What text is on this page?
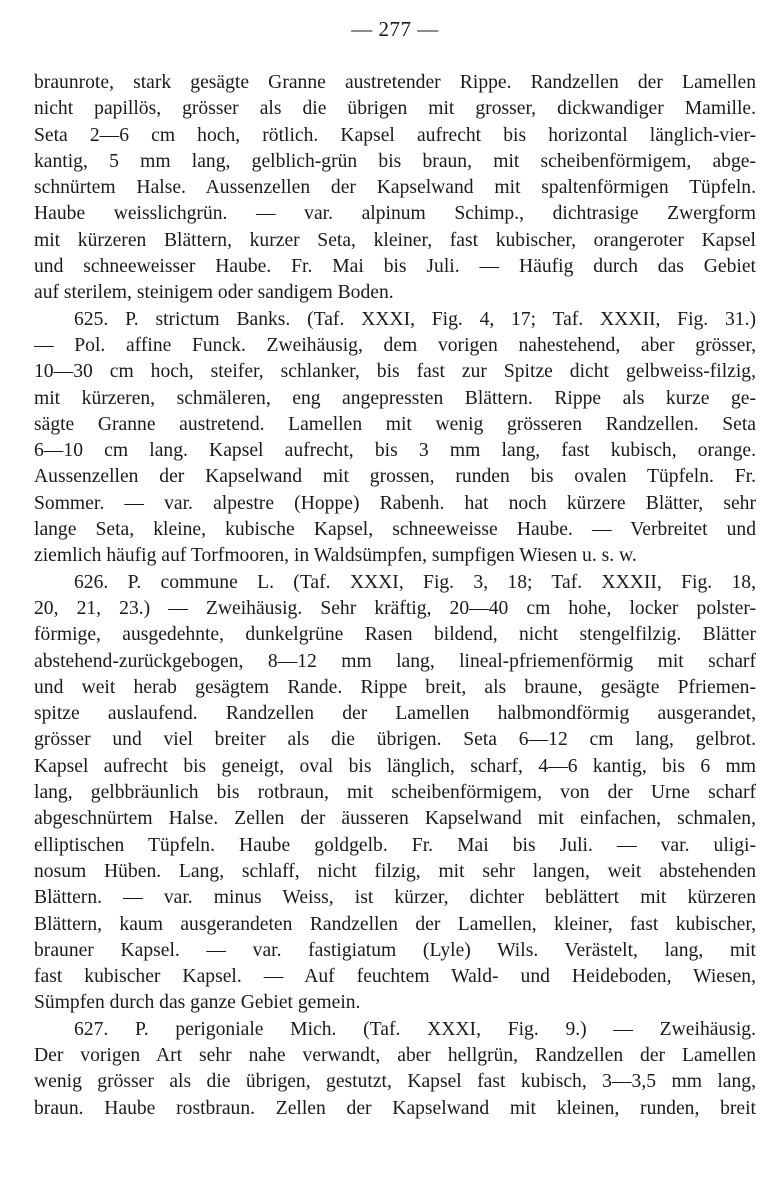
— 277 —
braunrote, stark gesägte Granne austretender Rippe. Randzellen der Lamellen
nicht papillös, grösser als die übrigen mit grosser, dickwandiger Mamille.
Seta 2—6 cm hoch, rötlich. Kapsel aufrecht bis horizontal länglich-vier-
kantig, 5 mm lang, gelblich-grün bis braun, mit scheibenförmigem, abge-
schnürtem Halse. Aussenzellen der Kapselwand mit spaltenförmigen Tüpfeln.
Haube weisslichgrün. — var. alpinum Schimp., dichtrasige Zwergform
mit kürzeren Blättern, kurzer Seta, kleiner, fast kubischer, orangeroter Kapsel
und schneeweisser Haube. Fr. Mai bis Juli. — Häufig durch das Gebiet
auf sterilem, steinigem oder sandigem Boden.
625. P. strictum Banks. (Taf. XXXI, Fig. 4, 17; Taf. XXXII, Fig. 31.)
— Pol. affine Funck. Zweihäusig, dem vorigen nahestehend, aber grösser,
10—30 cm hoch, steifer, schlanker, bis fast zur Spitze dicht gelbweiss-filzig,
mit kürzeren, schmäleren, eng angepressten Blättern. Rippe als kurze ge-
sägte Granne austretend. Lamellen mit wenig grösseren Randzellen. Seta
6—10 cm lang. Kapsel aufrecht, bis 3 mm lang, fast kubisch, orange.
Aussenzellen der Kapselwand mit grossen, runden bis ovalen Tüpfeln. Fr.
Sommer. — var. alpestre (Hoppe) Rabenh. hat noch kürzere Blätter, sehr
lange Seta, kleine, kubische Kapsel, schneeweisse Haube. — Verbreitet und
ziemlich häufig auf Torfmooren, in Waldsümpfen, sumpfigen Wiesen u. s. w.
626. P. commune L. (Taf. XXXI, Fig. 3, 18; Taf. XXXII, Fig. 18,
20, 21, 23.) — Zweihäusig. Sehr kräftig, 20—40 cm hohe, locker polster-
förmige, ausgedehnte, dunkelgrüne Rasen bildend, nicht stengelfilzig. Blätter
abstehend-zurückgebogen, 8—12 mm lang, lineal-pfriemenförmig mit scharf
und weit herab gesägtem Rande. Rippe breit, als braune, gesägte Pfriemen-
spitze auslaufend. Randzellen der Lamellen halbmondförmig ausgerandet,
grösser und viel breiter als die übrigen. Seta 6—12 cm lang, gelbrot.
Kapsel aufrecht bis geneigt, oval bis länglich, scharf, 4—6 kantig, bis 6 mm
lang, gelbbräunlich bis rotbraun, mit scheibenförmigem, von der Urne scharf
abgeschnürtem Halse. Zellen der äusseren Kapselwand mit einfachen, schmalen,
elliptischen Tüpfeln. Haube goldgelb. Fr. Mai bis Juli. — var. uligi-
nosum Hüben. Lang, schlaff, nicht filzig, mit sehr langen, weit abstehenden
Blättern. — var. minus Weiss, ist kürzer, dichter beblättert mit kürzeren
Blättern, kaum ausgerandeten Randzellen der Lamellen, kleiner, fast kubischer,
brauner Kapsel. — var. fastigiatum (Lyle) Wils. Verästelt, lang, mit
fast kubischer Kapsel. — Auf feuchtem Wald- und Heideboden, Wiesen,
Sümpfen durch das ganze Gebiet gemein.
627. P. perigoniale Mich. (Taf. XXXI, Fig. 9.) — Zweihäusig.
Der vorigen Art sehr nahe verwandt, aber hellgrün, Randzellen der Lamellen
wenig grösser als die übrigen, gestutzt, Kapsel fast kubisch, 3—3,5 mm lang,
braun. Haube rostbraun. Zellen der Kapselwand mit kleinen, runden, breit
